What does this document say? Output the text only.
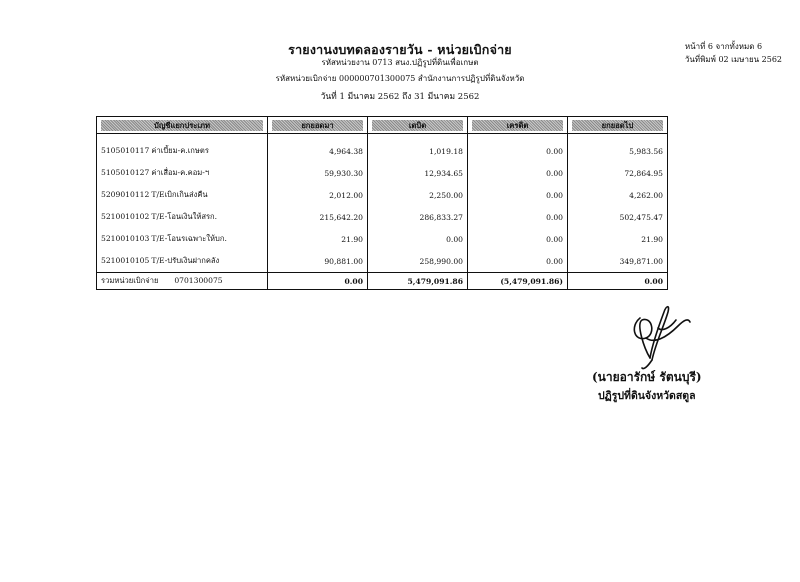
รายงานงบทดลองรายวัน - หน่วยเบิกจ่าย
รหัสหน่วยงาน 0713 สนง.ปฏิรูปที่ดินเพื่อเกษต
รหัสหน่วยเบิกจ่าย 000000701300075 สำนักงานการปฏิรูปที่ดินจังหวัด
วันที่ 1 มีนาคม 2562 ถึง 31 มีนาคม 2562
หน้าที่ 6 จากทั้งหมด 6
วันที่พิมพ์ 02 เมษายน 2562
บัญชีแยกประเภท	ยกยอดมา	เดบิต	เครดิต	ยกยอดไป

5105010117 ค่าเบี้ยม-ค.เกษตร	4,964.38	1,019.18	0.00	5,983.56
5105010127 ค่าเสื่อม-ค.คอม-ฯ	59,930.30	12,934.65	0.00	72,864.95
5209010112 T/Eเบิกเกินส่งคืน	2,012.00	2,250.00	0.00	4,262.00
5210010102 T/E-โอนเงินให้สรก.	215,642.20	286,833.27	0.00	502,475.47
5210010103 T/E-โอนรเฉพาะให้บก.	21.90	0.00	0.00	21.90
5210010105 T/E-ปรับเงินฝากคลัง	90,881.00	258,990.00	0.00	349,871.00
รวมหน่วยเบิกจ่าย 0701300075	0.00	5,479,091.86	(5,479,091.86)	0.00
(นายอารักษ์ รัตนบุรี)
ปฏิรูปที่ดินจังหวัดสตูล
